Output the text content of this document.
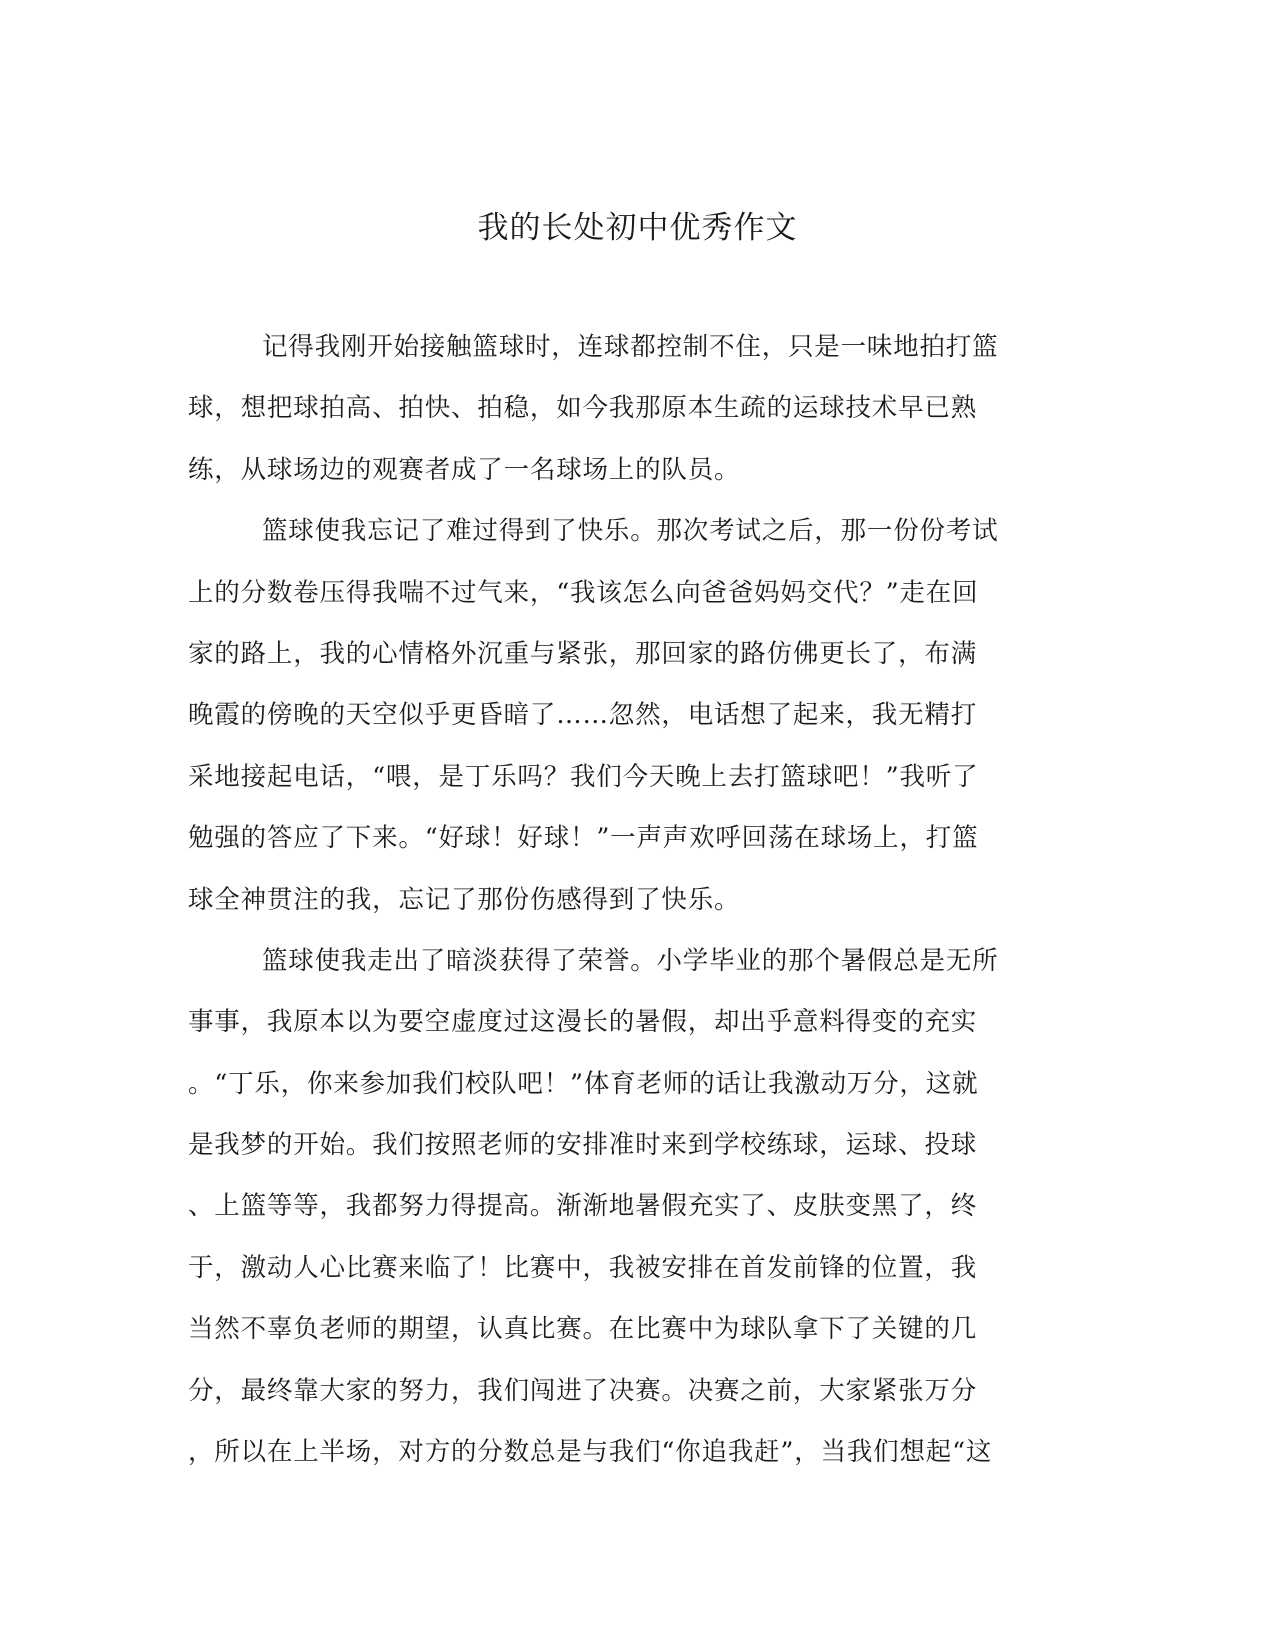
我的长处初中优秀作文
记得我刚开始接触篮球时，连球都控制不住，只是一味地拍打篮
球，想把球拍高、拍快、拍稳，如今我那原本生疏的运球技术早已熟
练，从球场边的观赛者成了一名球场上的队员。
篮球使我忘记了难过得到了快乐。那次考试之后，那一份份考试
上的分数卷压得我喘不过气来，“我该怎么向爸爸妈妈交代？”走在回
家的路上，我的心情格外沉重与紧张，那回家的路仿佛更长了，布满
晚霞的傍晚的天空似乎更昏暗了……忽然，电话想了起来，我无精打
采地接起电话，“喂，是丁乐吗？我们今天晚上去打篮球吧！”我听了
勉强的答应了下来。“好球！好球！”一声声欢呼回荡在球场上，打篮
球全神贯注的我，忘记了那份伤感得到了快乐。
篮球使我走出了暗淡获得了荣誉。小学毕业的那个暑假总是无所
事事，我原本以为要空虚度过这漫长的暑假，却出乎意料得变的充实
。“丁乐，你来参加我们校队吧！”体育老师的话让我激动万分，这就
是我梦的开始。我们按照老师的安排准时来到学校练球，运球、投球
、上篮等等，我都努力得提高。渐渐地暑假充实了、皮肤变黑了，终
于，激动人心比赛来临了！比赛中，我被安排在首发前锋的位置，我
当然不辜负老师的期望，认真比赛。在比赛中为球队拿下了关键的几
分，最终靠大家的努力，我们闯进了决赛。决赛之前，大家紧张万分
，所以在上半场，对方的分数总是与我们“你追我赶”，当我们想起“这
